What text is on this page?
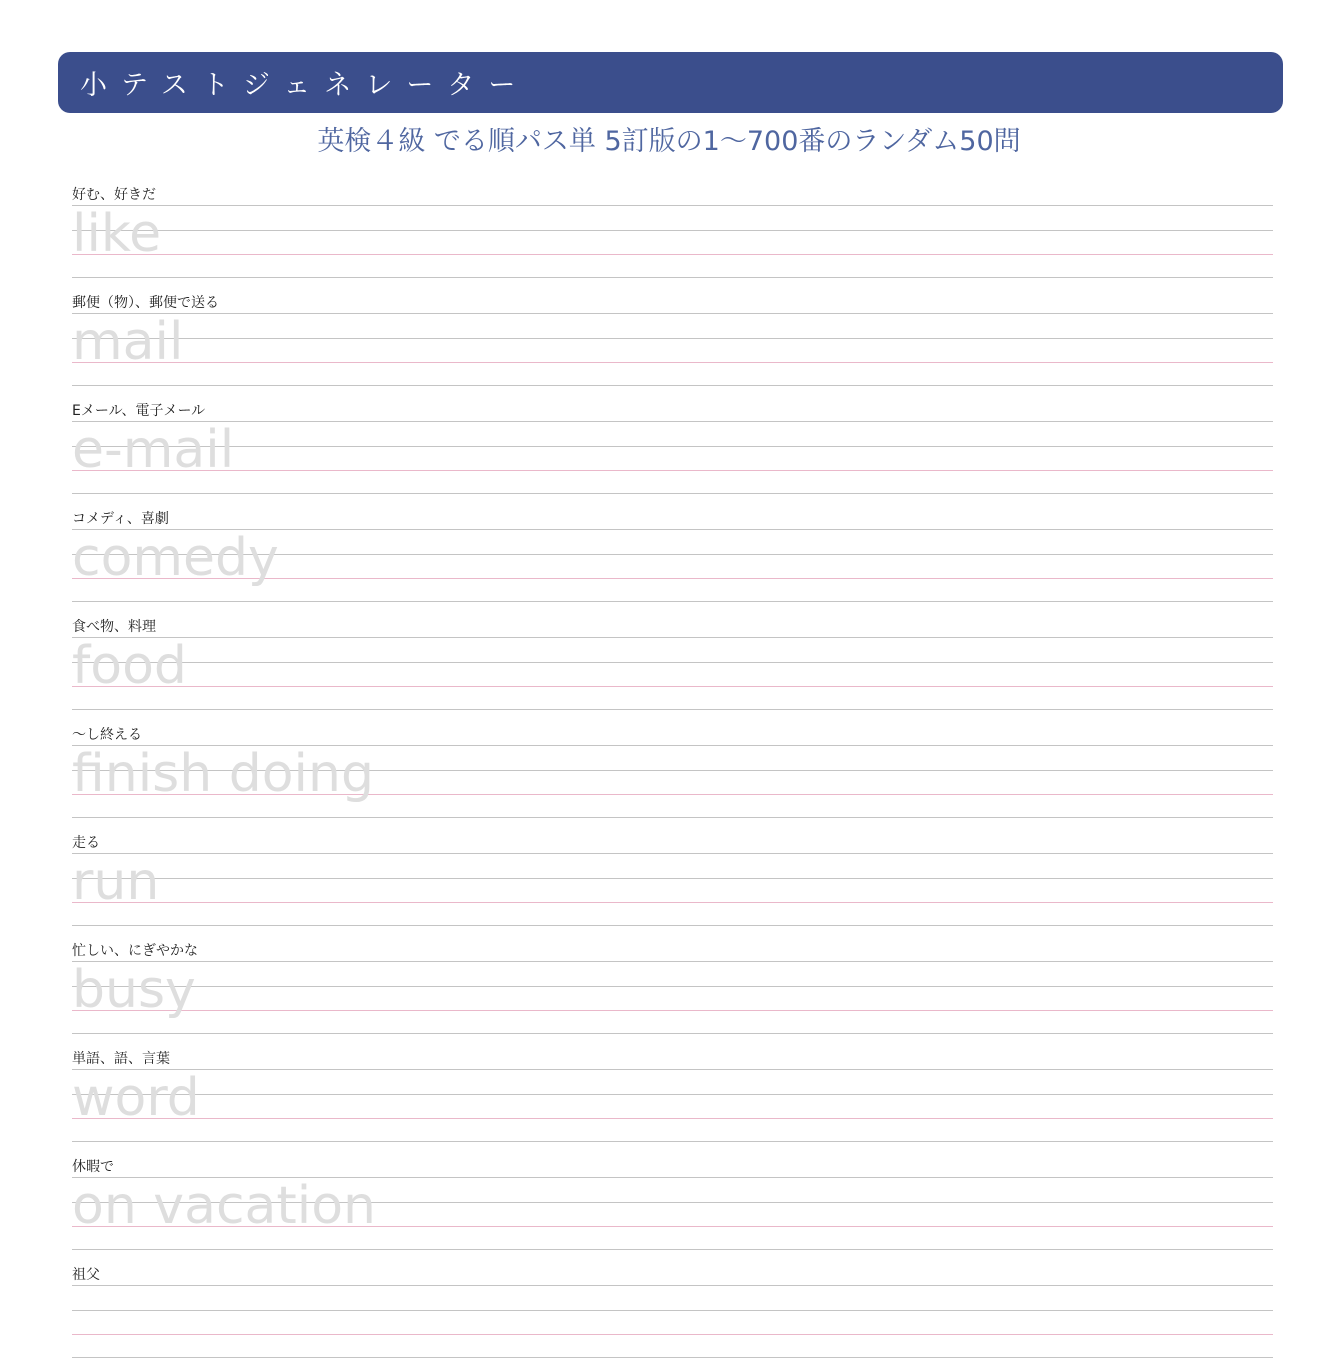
小テストジェネレーター
英検４級 でる順パス単 5訂版の1〜700番のランダム50問
好む、好きだ
like
郵便（物）、郵便で送る
mail
Eメール、電子メール
e-mail
コメディ、喜劇
comedy
食べ物、料理
food
〜し終える
finish doing
走る
run
忙しい、にぎやかな
busy
単語、語、言葉
word
休暇で
on vacation
祖父
